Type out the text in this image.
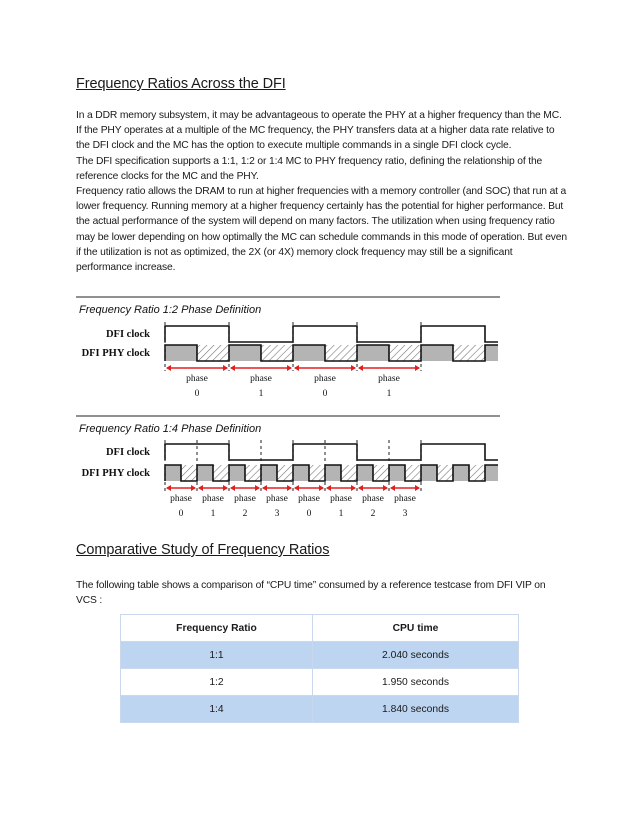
Frequency Ratios Across the DFI

In a DDR memory subsystem, it may be advantageous to operate the PHY at a higher frequency than the MC. If the PHY operates at a multiple of the MC frequency, the PHY transfers data at a higher data rate relative to the DFI clock and the MC has the option to execute multiple commands in a single DFI clock cycle.

The DFI specification supports a 1:1, 1:2 or 1:4 MC to PHY frequency ratio, defining the relationship of the reference clocks for the MC and the PHY.

Frequency ratio allows the DRAM to run at higher frequencies with a memory controller (and SOC) that run at a lower frequency. Running memory at a higher frequency certainly has the potential for higher performance. But the actual performance of the system will depend on many factors. The utilization when using frequency ratio may be lower depending on how optimally the MC can schedule commands in this mode of operation. But even if the utilization is not as optimized, the 2X (or 4X) memory clock frequency may still be a significant performance increase.

Frequency Ratio 1:2 Phase Definition
DFI clock
DFI PHY clock
phase
0
phase
1
phase
0
phase
1
Frequency Ratio 1:4 Phase Definition
DFI clock
DFI PHY clock
phase
0
phase
1
phase
2
phase
3
phase
0
phase
1
phase
2
phase
3
Comparative Study of Frequency Ratios
The following table shows a comparison of “CPU time” consumed by a reference testcase from DFI VIP on VCS :
Frequency Ratio	CPU time
1:1	2.040 seconds
1:2	1.950 seconds
1:4	1.840 seconds
